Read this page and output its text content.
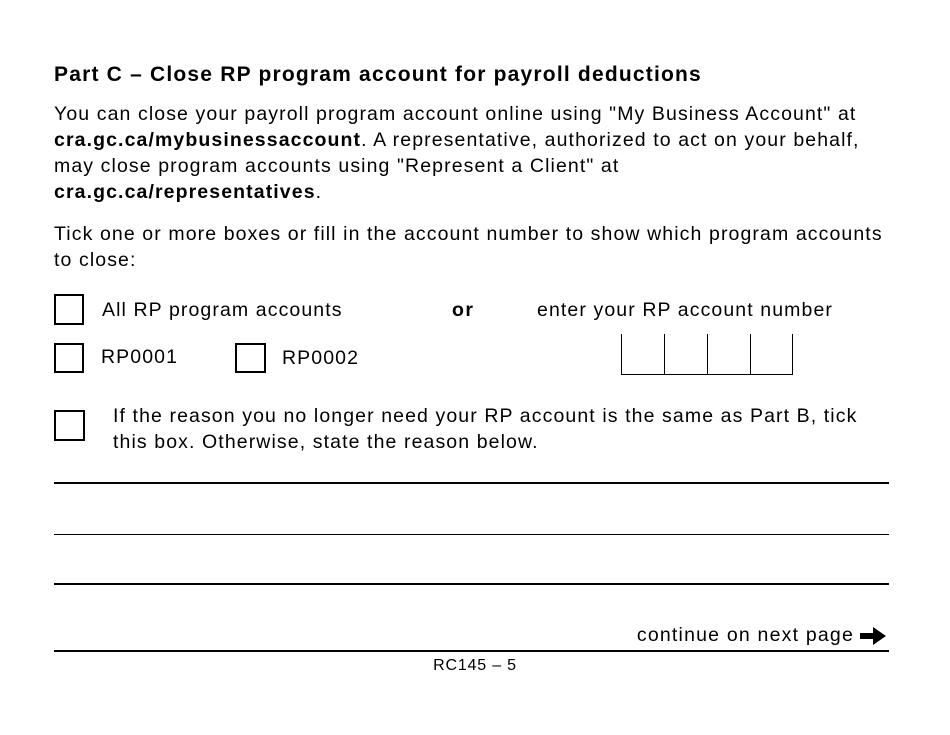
Part C – Close RP program account for payroll deductions
You can close your payroll program account online using "My Business Account" at cra.gc.ca/mybusinessaccount. A representative, authorized to act on your behalf, may close program accounts using "Represent a Client" at cra.gc.ca/representatives.
Tick one or more boxes or fill in the account number to show which program accounts to close:
All RP program accounts	or	enter your RP account number
RP0001	RP0002
If the reason you no longer need your RP account is the same as Part B, tick this box. Otherwise, state the reason below.
continue on next page
RC145 – 5
